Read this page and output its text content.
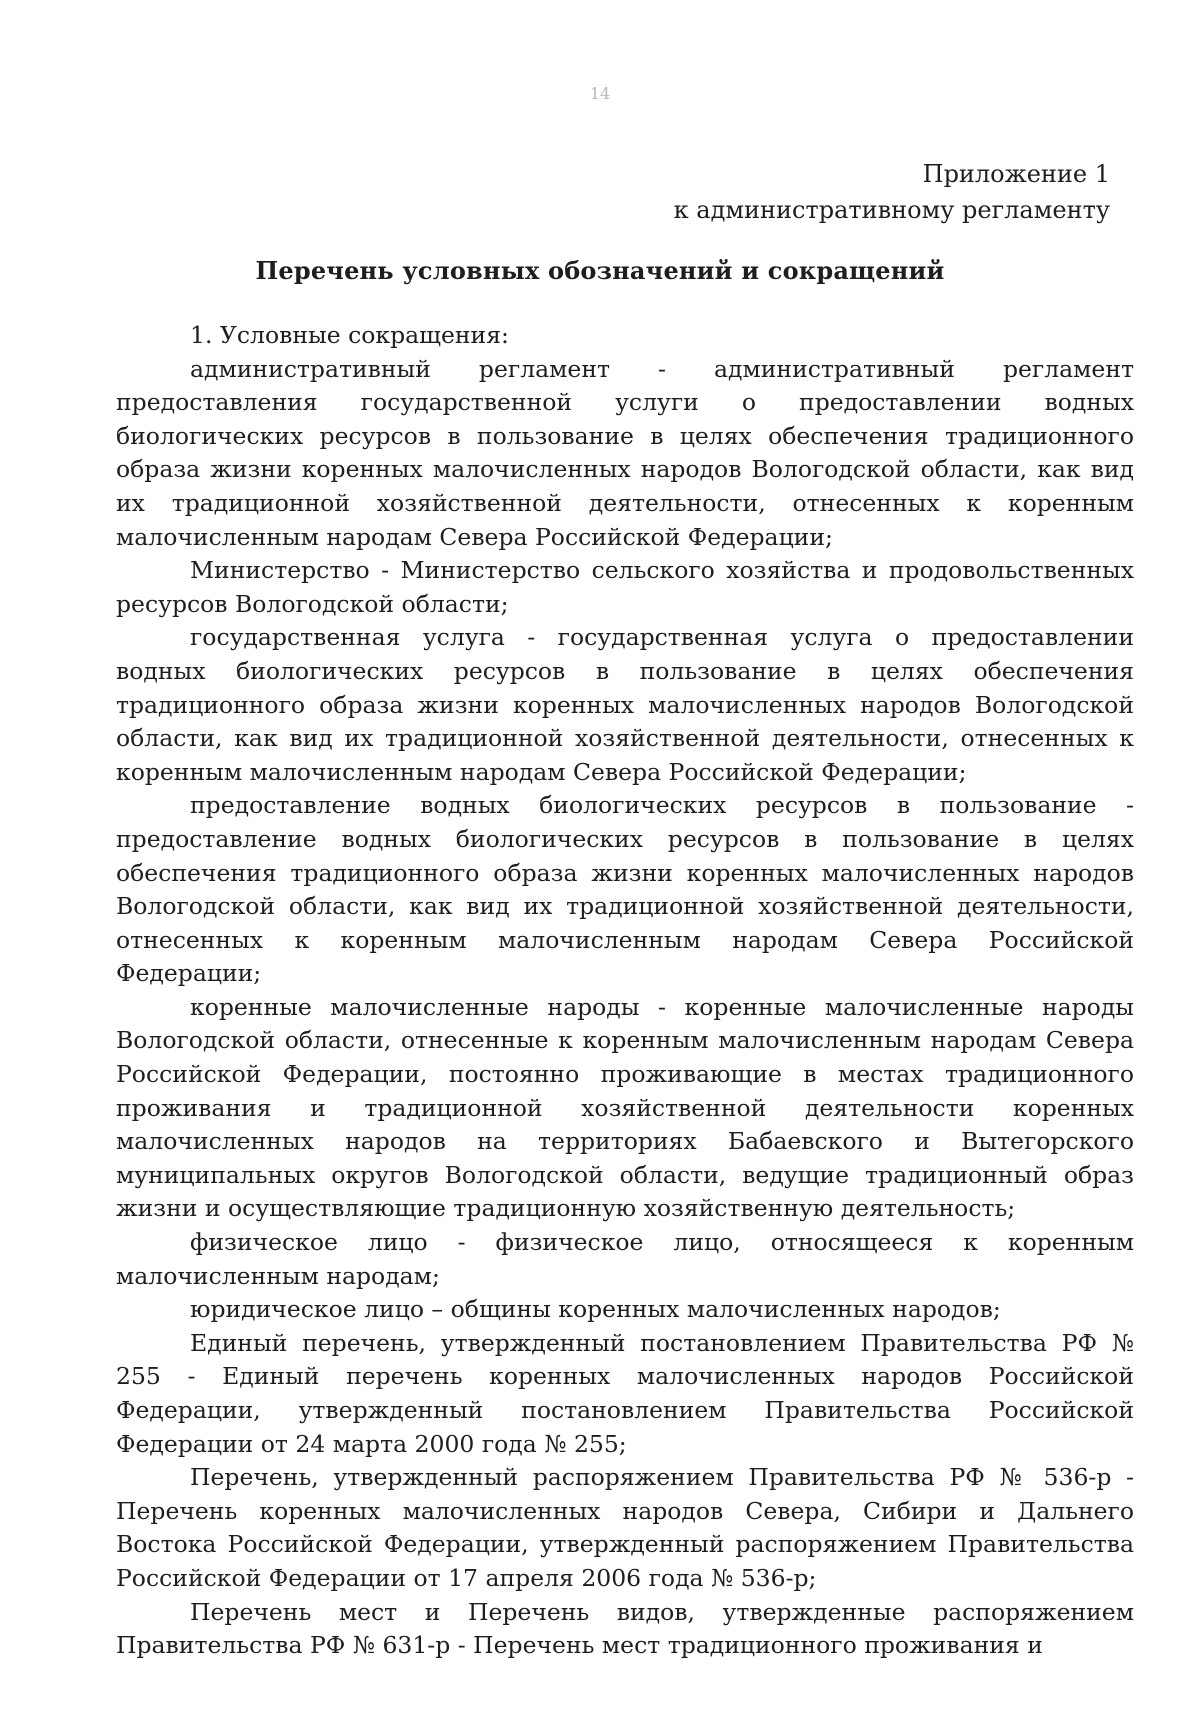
14
Приложение 1
к административному регламенту
Перечень условных обозначений и сокращений

1. Условные сокращения:

административный регламент - административный регламент предоставления государственной услуги о предоставлении водных биологических ресурсов в пользование в целях обеспечения традиционного образа жизни коренных малочисленных народов Вологодской области, как вид их традиционной хозяйственной деятельности, отнесенных к коренным малочисленным народам Севера Российской Федерации;

Министерство - Министерство сельского хозяйства и продовольственных ресурсов Вологодской области;

государственная услуга - государственная услуга о предоставлении водных биологических ресурсов в пользование в целях обеспечения традиционного образа жизни коренных малочисленных народов Вологодской области, как вид их традиционной хозяйственной деятельности, отнесенных к коренным малочисленным народам Севера Российской Федерации;

предоставление водных биологических ресурсов в пользование - предоставление водных биологических ресурсов в пользование в целях обеспечения традиционного образа жизни коренных малочисленных народов Вологодской области, как вид их традиционной хозяйственной деятельности, отнесенных к коренным малочисленным народам Севера Российской Федерации;

коренные малочисленные народы - коренные малочисленные народы Вологодской области, отнесенные к коренным малочисленным народам Севера Российской Федерации, постоянно проживающие в местах традиционного проживания и традиционной хозяйственной деятельности коренных малочисленных народов на территориях Бабаевского и Вытегорского муниципальных округов Вологодской области, ведущие традиционный образ жизни и осуществляющие традиционную хозяйственную деятельность;

физическое лицо - физическое лицо, относящееся к коренным малочисленным народам;

юридическое лицо – общины коренных малочисленных народов;

Единый перечень, утвержденный постановлением Правительства РФ № 255 - Единый перечень коренных малочисленных народов Российской Федерации, утвержденный постановлением Правительства Российской Федерации от 24 марта 2000 года № 255;

Перечень, утвержденный распоряжением Правительства РФ № 536-р - Перечень коренных малочисленных народов Севера, Сибири и Дальнего Востока Российской Федерации, утвержденный распоряжением Правительства Российской Федерации от 17 апреля 2006 года № 536-р;

Перечень мест и Перечень видов, утвержденные распоряжением Правительства РФ № 631-р - Перечень мест традиционного проживания и
